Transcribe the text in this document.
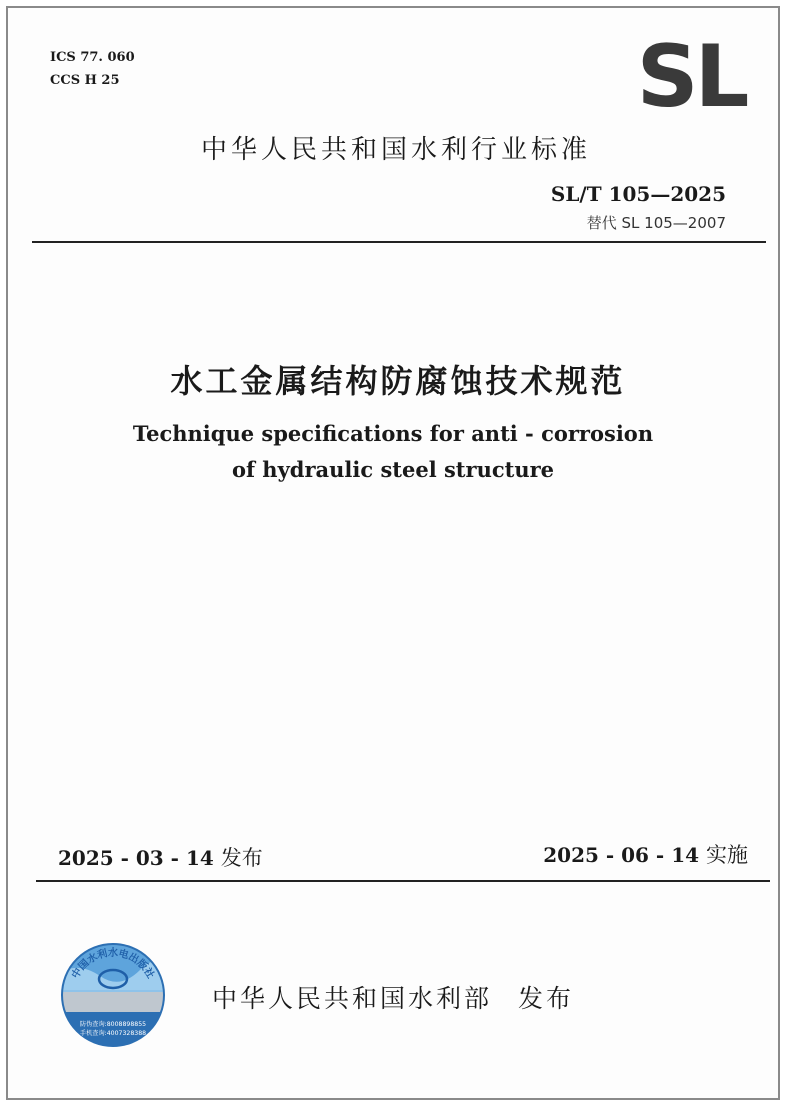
ICS 77. 060
CCS H 25	SL
中华人民共和国水利行业标准
SL/T 105—2025
替代 SL 105—2007
水工金属结构防腐蚀技术规范
Technique specifications for anti - corrosion
of hydraulic steel structure
2025 - 03 - 14 发布	2025 - 06 - 14 实施
中国水利水电出版社
防伪查询:8008898855
手机查询:4007328388
中华人民共和国水利部 发布
